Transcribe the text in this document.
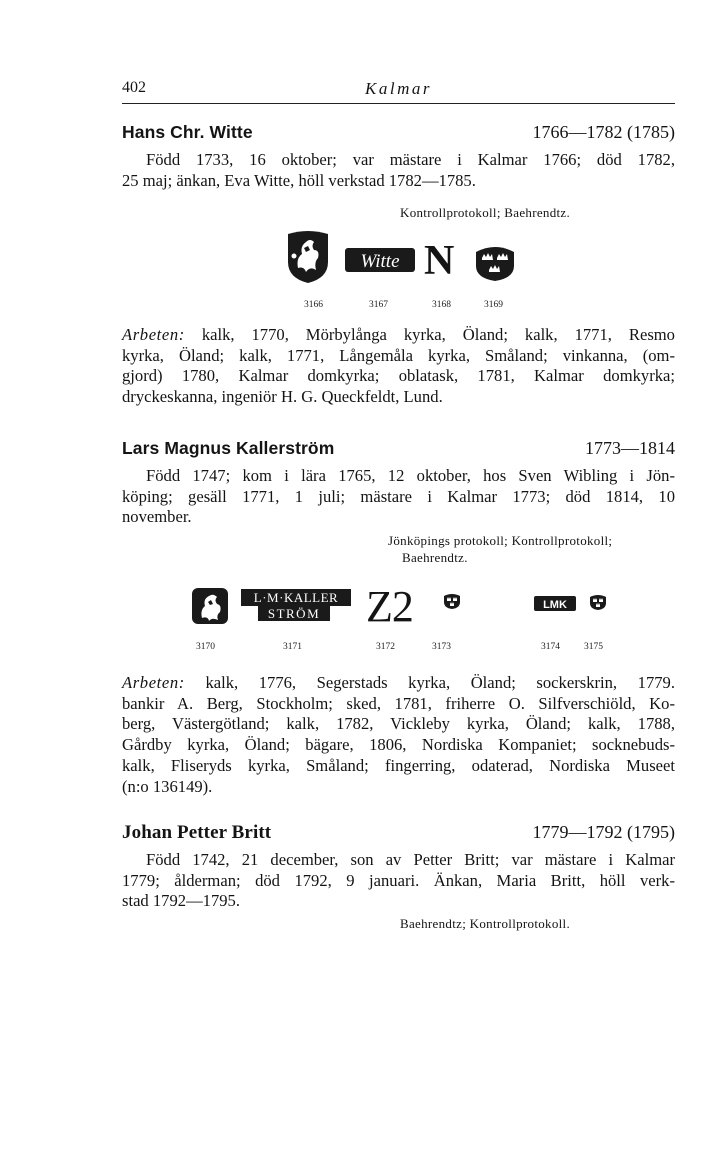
402	Kalmar
Hans Chr. Witte	1766—1782 (1785)
Född 1733, 16 oktober; var mästare i Kalmar 1766; död 1782,
25 maj; änkan, Eva Witte, höll verkstad 1782—1785.
Kontrollprotokoll; Baehrendtz.
Witte N
3166	3167	3168	3169
Arbeten: kalk, 1770, Mörbylånga kyrka, Öland; kalk, 1771, Resmo
kyrka, Öland; kalk, 1771, Långemåla kyrka, Småland; vinkanna, (om-
gjord) 1780, Kalmar domkyrka; oblatask, 1781, Kalmar domkyrka;
dryckeskanna, ingeniör H. G. Queckfeldt, Lund.
Lars Magnus Kallerström	1773—1814
Född 1747; kom i lära 1765, 12 oktober, hos Sven Wibling i Jön-
köping; gesäll 1771, 1 juli; mästare i Kalmar 1773; död 1814, 10
november.
Jönköpings protokoll; Kontrollprotokoll;
Baehrendtz.
L·M·KALLER
STRÖM Z2	LMK
3170	3171	3172	3173	3174	3175
Arbeten: kalk, 1776, Segerstads kyrka, Öland; sockerskrin, 1779.
bankir A. Berg, Stockholm; sked, 1781, friherre O. Silfverschiöld, Ko-
berg, Västergötland; kalk, 1782, Vickleby kyrka, Öland; kalk, 1788,
Gårdby kyrka, Öland; bägare, 1806, Nordiska Kompaniet; socknebuds-
kalk, Fliseryds kyrka, Småland; fingerring, odaterad, Nordiska Museet
(n:o 136149).
Johan Petter Britt	1779—1792 (1795)
Född 1742, 21 december, son av Petter Britt; var mästare i Kalmar
1779; ålderman; död 1792, 9 januari. Änkan, Maria Britt, höll verk-
stad 1792—1795.
Baehrendtz; Kontrollprotokoll.
